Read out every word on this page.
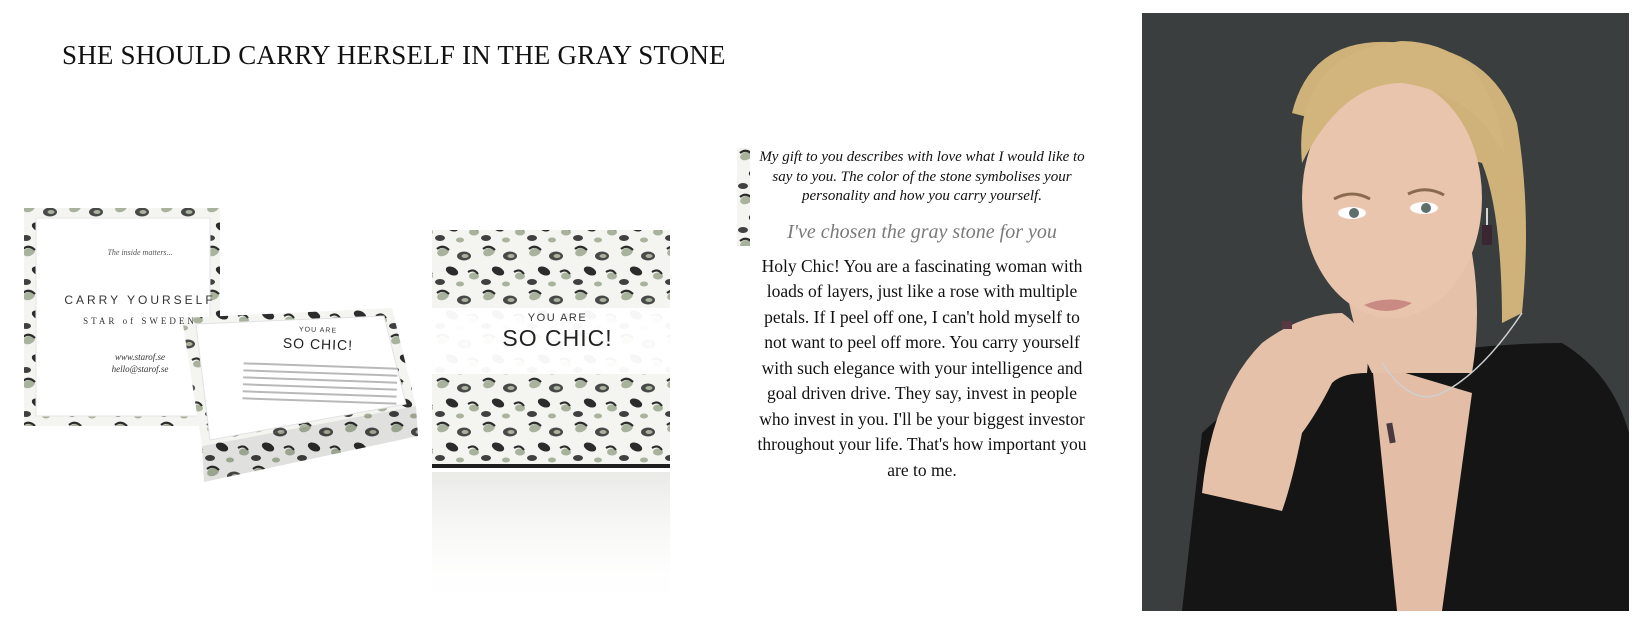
SHE SHOULD CARRY HERSELF IN THE GRAY STONE
The inside matters...
CARRY YOURSELF
STAR of SWEDEN
www.starof.se
hello@starof.se
YOU ARE
SO CHIC!
YOU ARE
SO CHIC!

My gift to you describes with love what I would like to say to you. The color of the stone symbolises your personality and how you carry yourself.

I've chosen the gray stone for you

Holy Chic! You are a fascinating woman with loads of layers, just like a rose with multiple petals. If I peel off one, I can't hold myself to not want to peel off more. You carry yourself with such elegance with your intelligence and goal driven drive. They say, invest in people who invest in you. I'll be your biggest investor throughout your life. That's how important you are to me.
